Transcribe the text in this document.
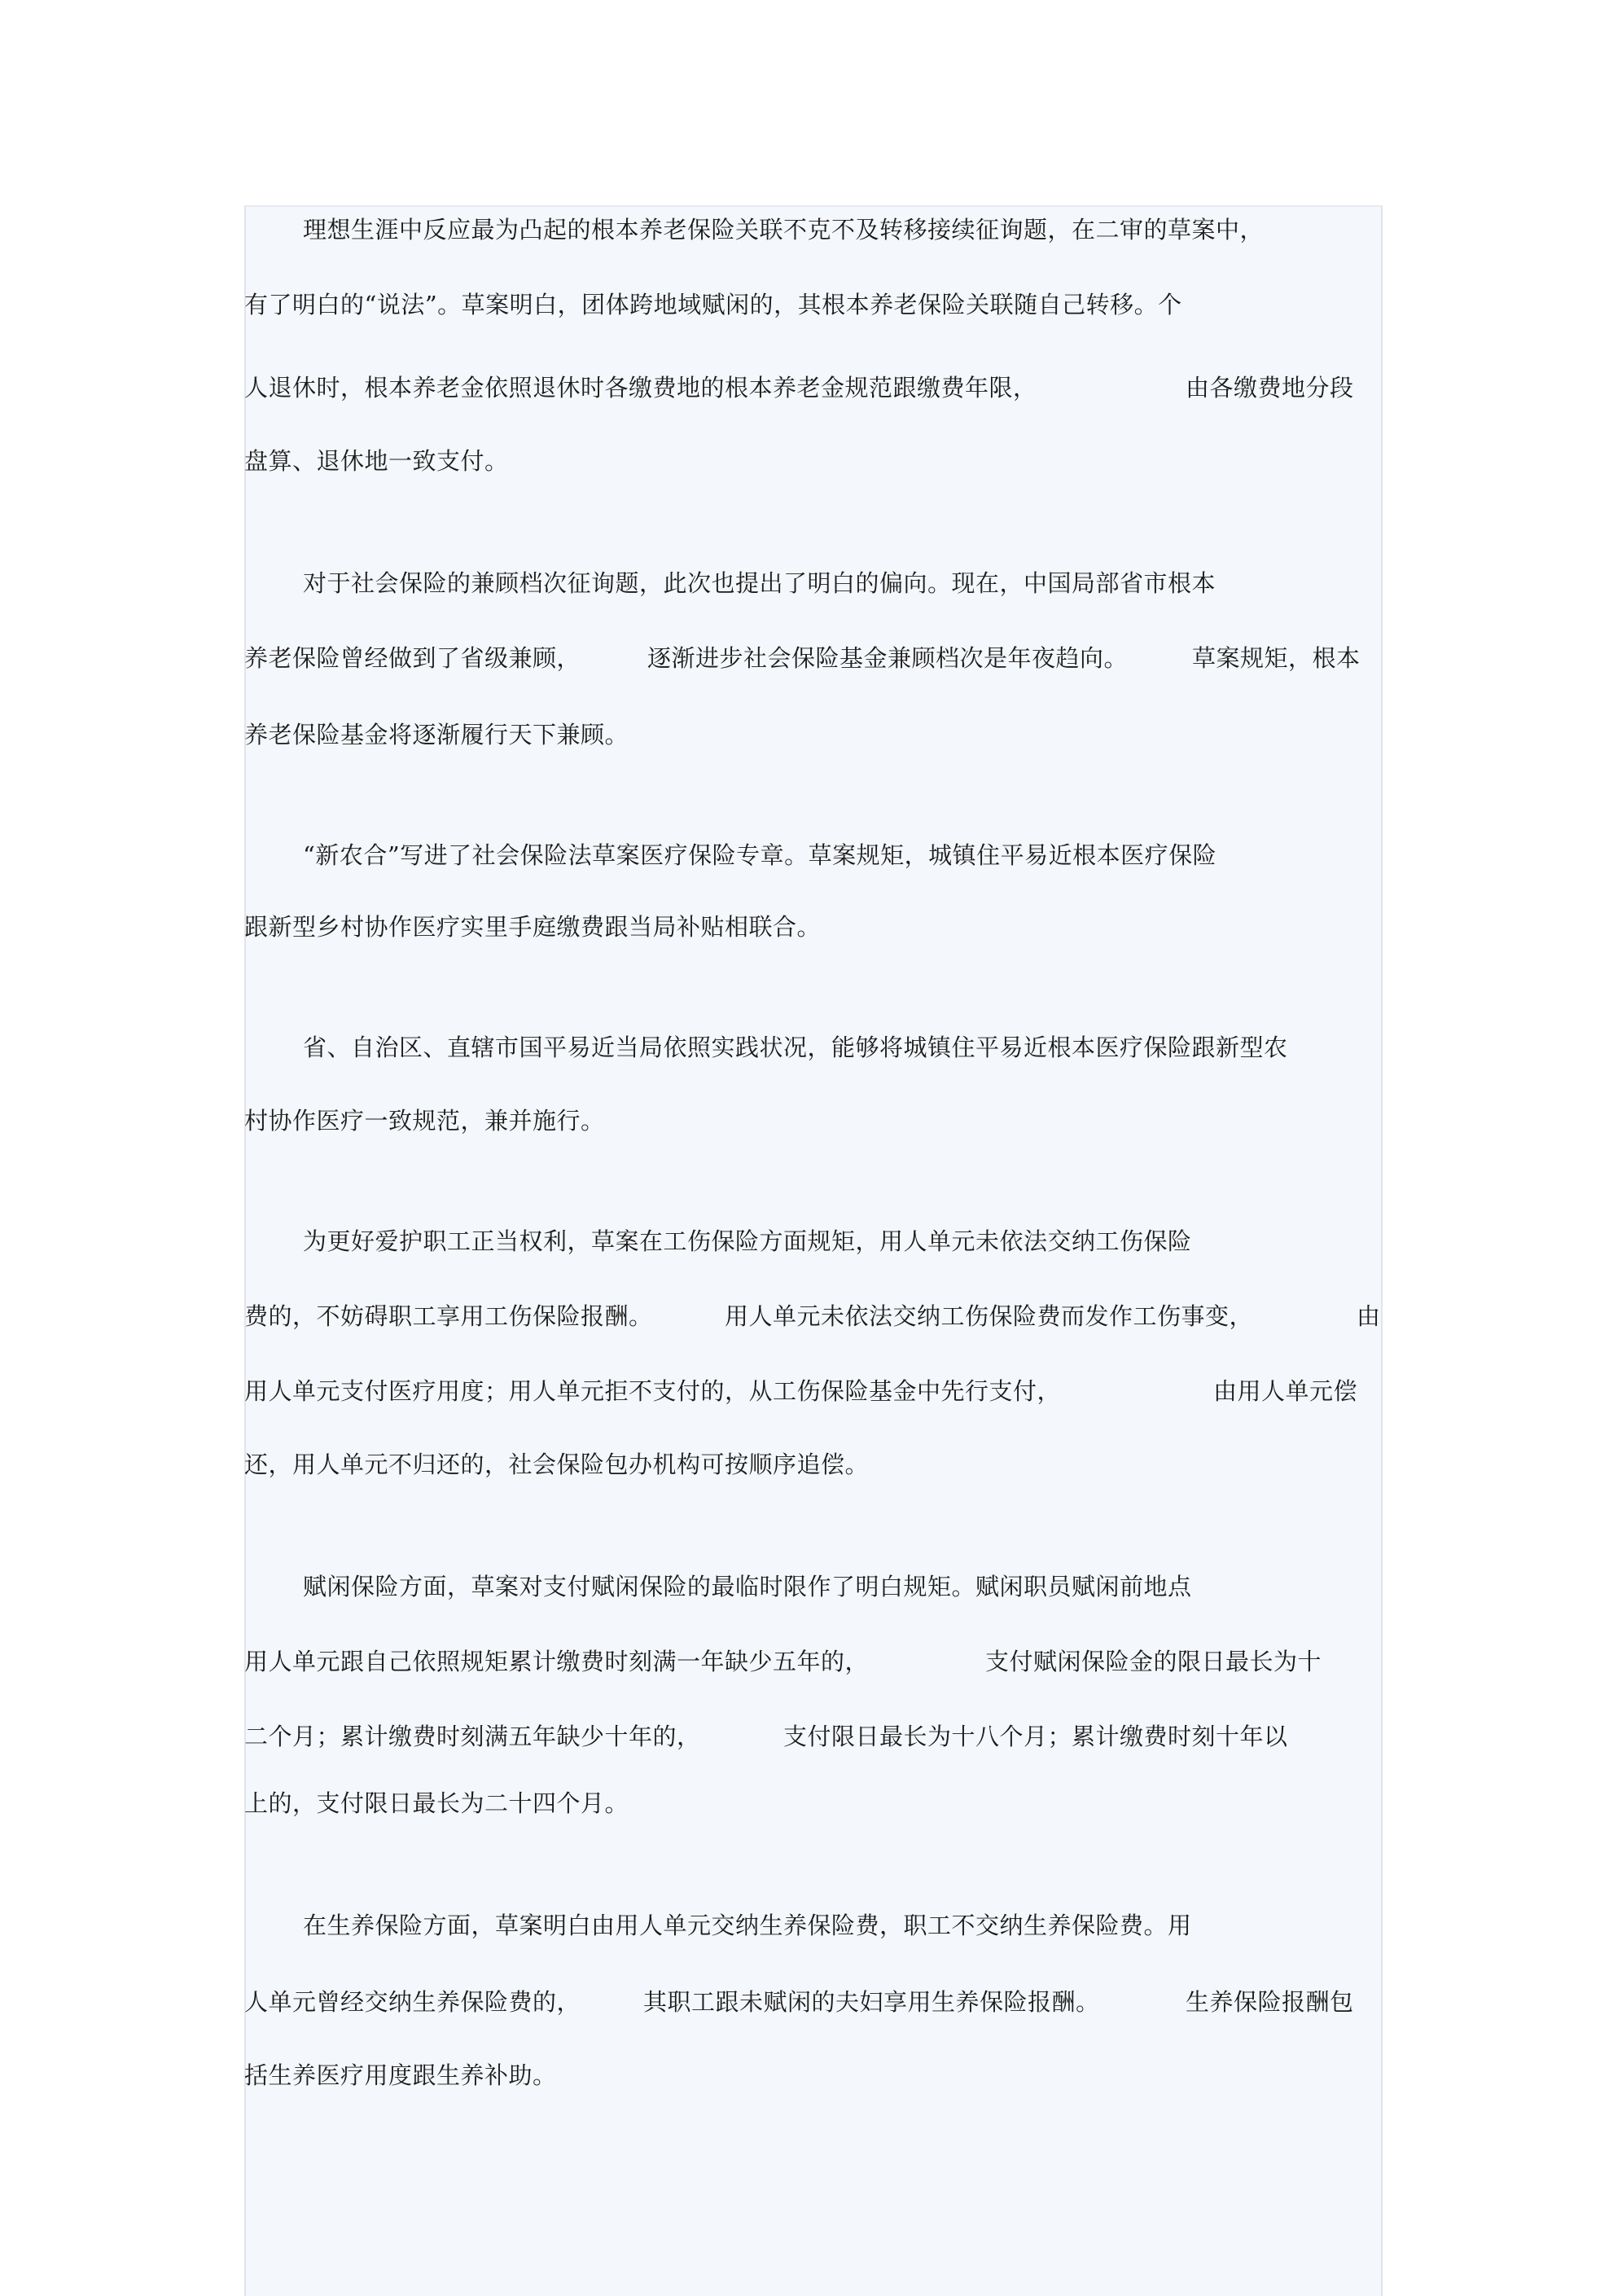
理想生涯中反应最为凸起的根本养老保险关联不克不及转移接续征询题，在二审的草案中，
有了明白的“说法”。草案明白，团体跨地域赋闲的，其根本养老保险关联随自己转移。个
人退休时，根本养老金依照退休时各缴费地的根本养老金规范跟缴费年限，	由各缴费地分段
盘算、退休地一致支付。
对于社会保险的兼顾档次征询题，此次也提出了明白的偏向。现在，中国局部省市根本
养老保险曾经做到了省级兼顾，	逐渐进步社会保险基金兼顾档次是年夜趋向。	草案规矩，根本
养老保险基金将逐渐履行天下兼顾。
“新农合”写进了社会保险法草案医疗保险专章。草案规矩，城镇住平易近根本医疗保险
跟新型乡村协作医疗实里手庭缴费跟当局补贴相联合。
省、自治区、直辖市国平易近当局依照实践状况，能够将城镇住平易近根本医疗保险跟新型农
村协作医疗一致规范，兼并施行。
为更好爱护职工正当权利，草案在工伤保险方面规矩，用人单元未依法交纳工伤保险
费的，不妨碍职工享用工伤保险报酬。	用人单元未依法交纳工伤保险费而发作工伤事变，	由
用人单元支付医疗用度；用人单元拒不支付的，从工伤保险基金中先行支付，	由用人单元偿
还，用人单元不归还的，社会保险包办机构可按顺序追偿。
赋闲保险方面，草案对支付赋闲保险的最临时限作了明白规矩。赋闲职员赋闲前地点
用人单元跟自己依照规矩累计缴费时刻满一年缺少五年的，	支付赋闲保险金的限日最长为十
二个月；累计缴费时刻满五年缺少十年的，	支付限日最长为十八个月；累计缴费时刻十年以
上的，支付限日最长为二十四个月。
在生养保险方面，草案明白由用人单元交纳生养保险费，职工不交纳生养保险费。用
人单元曾经交纳生养保险费的，	其职工跟未赋闲的夫妇享用生养保险报酬。	生养保险报酬包
括生养医疗用度跟生养补助。
